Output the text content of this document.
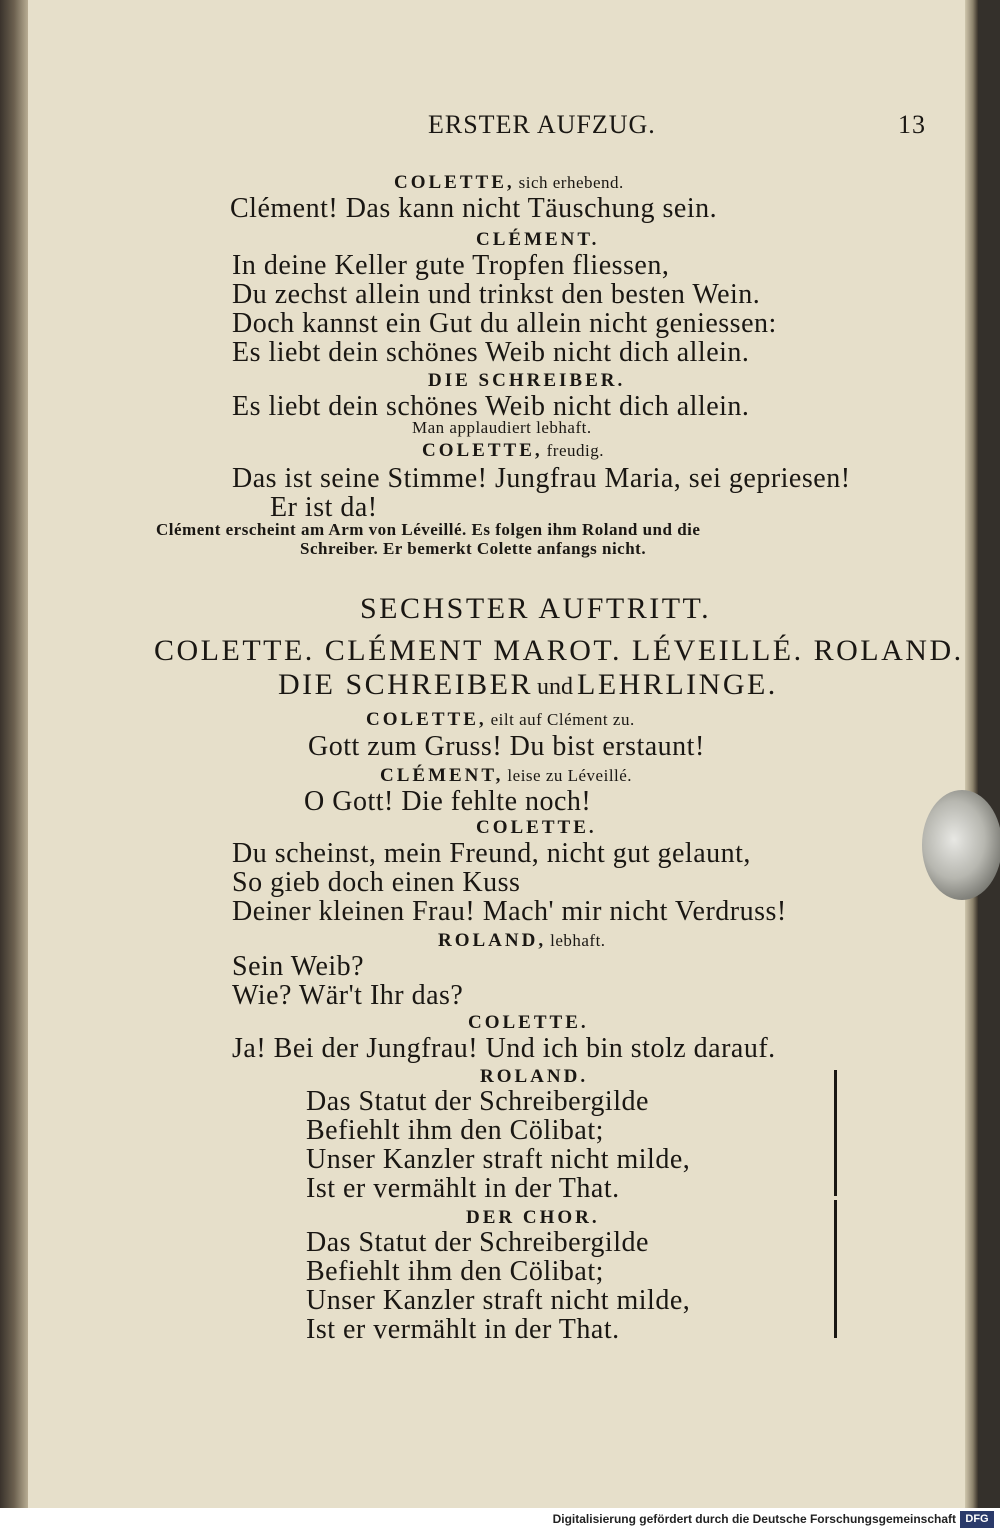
ERSTER AUFZUG.	13
COLETTE, sich erhebend.
Clément! Das kann nicht Täuschung sein.
CLÉMENT.
In deine Keller gute Tropfen fliessen,
Du zechst allein und trinkst den besten Wein.
Doch kannst ein Gut du allein nicht geniessen:
Es liebt dein schönes Weib nicht dich allein.
DIE SCHREIBER.
Es liebt dein schönes Weib nicht dich allein.
Man applaudiert lebhaft.
COLETTE, freudig.
Das ist seine Stimme! Jungfrau Maria, sei gepriesen!
Er ist da!
Clément erscheint am Arm von Léveillé. Es folgen ihm Roland und die
Schreiber. Er bemerkt Colette anfangs nicht.
SECHSTER AUFTRITT.
COLETTE. CLÉMENT MAROT. LÉVEILLÉ. ROLAND.
DIE SCHREIBER und LEHRLINGE.
COLETTE, eilt auf Clément zu.
Gott zum Gruss! Du bist erstaunt!
CLÉMENT, leise zu Léveillé.
O Gott! Die fehlte noch!
COLETTE.
Du scheinst, mein Freund, nicht gut gelaunt,
So gieb doch einen Kuss
Deiner kleinen Frau! Mach' mir nicht Verdruss!
ROLAND, lebhaft.
Sein Weib?
Wie? Wär't Ihr das?
COLETTE.
Ja! Bei der Jungfrau! Und ich bin stolz darauf.
ROLAND.
Das Statut der Schreibergilde
Befiehlt ihm den Cölibat;
Unser Kanzler straft nicht milde,
Ist er vermählt in der That.
DER CHOR.
Das Statut der Schreibergilde
Befiehlt ihm den Cölibat;
Unser Kanzler straft nicht milde,
Ist er vermählt in der That.
Digitalisierung gefördert durch die Deutsche Forschungsgemeinschaft DFG
